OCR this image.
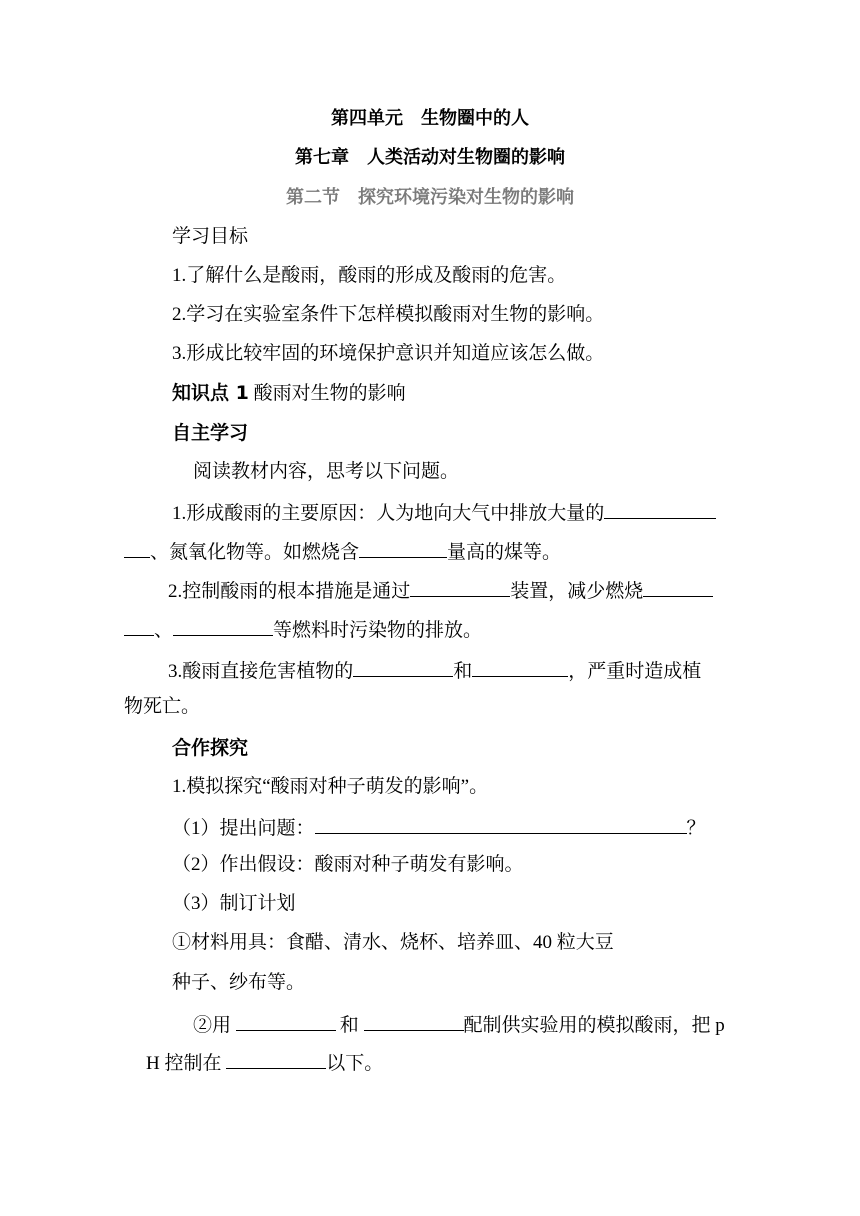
第四单元　生物圈中的人
第七章　人类活动对生物圈的影响
第二节　探究环境污染对生物的影响
学习目标
1.了解什么是酸雨，酸雨的形成及酸雨的危害。
2.学习在实验室条件下怎样模拟酸雨对生物的影响。
3.形成比较牢固的环境保护意识并知道应该怎么做。
知识点 1 酸雨对生物的影响
自主学习
阅读教材内容，思考以下问题。
1.形成酸雨的主要原因：人为地向大气中排放大量的
、氮氧化物等。如燃烧含	量高的煤等。
2.控制酸雨的根本措施是通过	装置，减少燃烧
、	等燃料时污染物的排放。
3.酸雨直接危害植物的	和	，严重时造成植
物死亡。
合作探究
1.模拟探究“酸雨对种子萌发的影响”。
（1）提出问题：	？
（2）作出假设：酸雨对种子萌发有影响。
（3）制订计划
①材料用具：食醋、清水、烧杯、培养皿、40 粒大豆
种子、纱布等。
②用	和	配制供实验用的模拟酸雨，把 p
H 控制在	以下。
